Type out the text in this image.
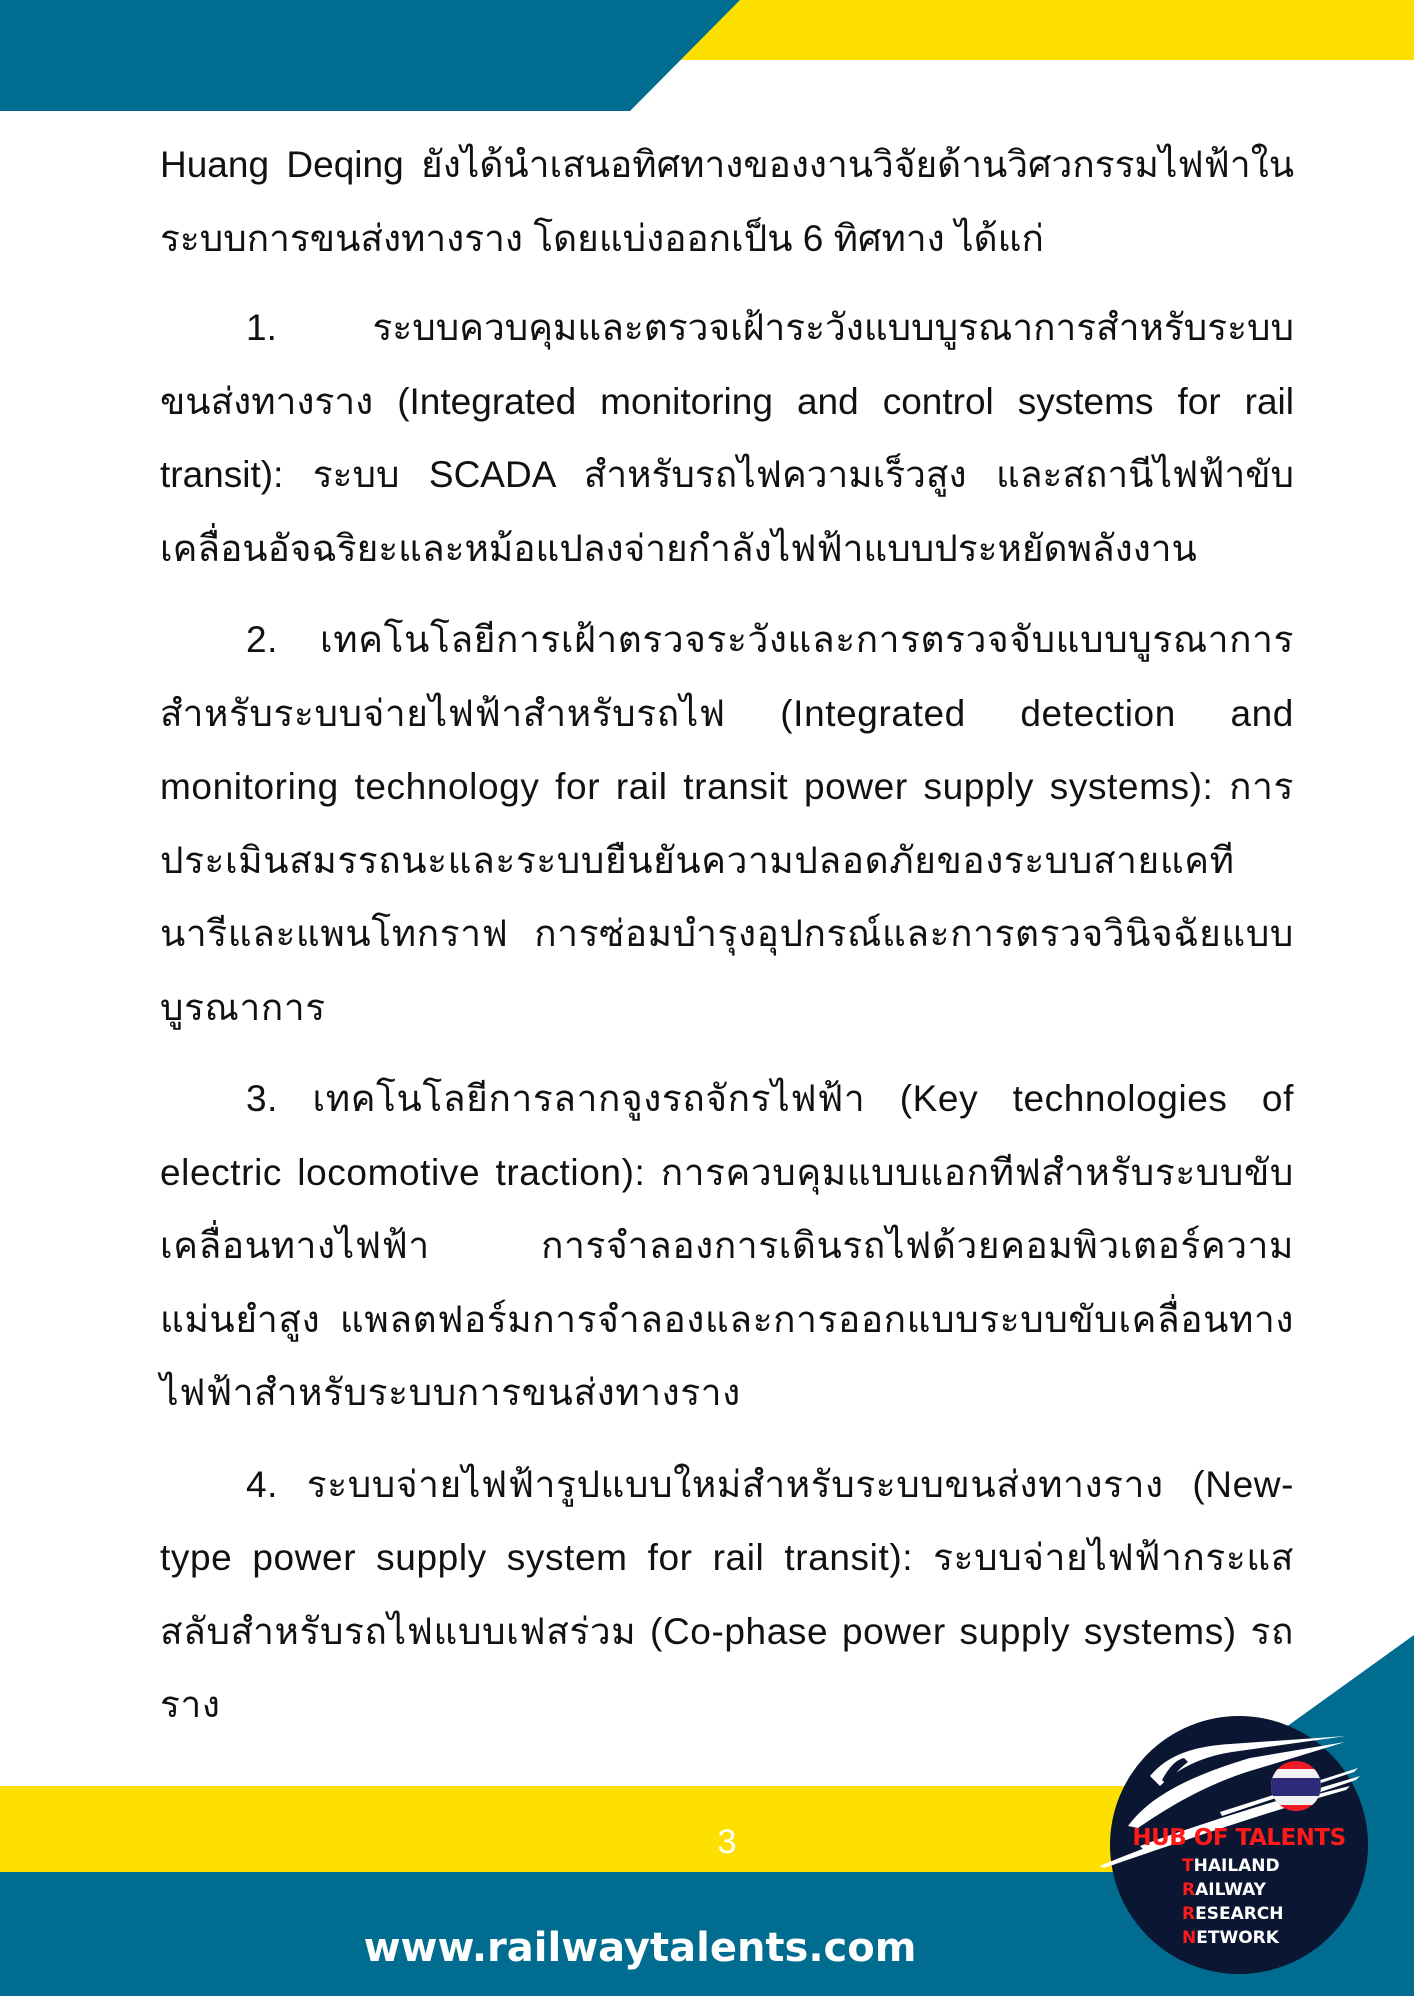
Huang Deqing ยังได้นำเสนอทิศทางของงานวิจัยด้านวิศวกรรมไฟฟ้าในระบบการขนส่งทางราง โดยแบ่งออกเป็น 6 ทิศทาง ได้แก่

1.	ระบบควบคุมและตรวจเฝ้าระวังแบบบูรณาการสำหรับระบบขนส่งทางราง (Integrated monitoring and control systems for rail transit): ระบบ SCADA สำหรับรถไฟความเร็วสูง และสถานีไฟฟ้าขับเคลื่อนอัจฉริยะและหม้อแปลงจ่ายกำลังไฟฟ้าแบบประหยัดพลังงาน

2. เทคโนโลยีการเฝ้าตรวจระวังและการตรวจจับแบบบูรณาการสำหรับระบบจ่ายไฟฟ้าสำหรับรถไฟ (Integrated detection and monitoring technology for rail transit power supply systems): การประเมินสมรรถนะและระบบยืนยันความปลอดภัยของระบบสายแคทีนารีและแพนโทกราฟ การซ่อมบำรุงอุปกรณ์และการตรวจวินิจฉัยแบบบูรณาการ

3. เทคโนโลยีการลากจูงรถจักรไฟฟ้า (Key technologies of electric locomotive traction): การควบคุมแบบแอกทีฟสำหรับระบบขับเคลื่อนทางไฟฟ้า การจำลองการเดินรถไฟด้วยคอมพิวเตอร์ความแม่นยำสูง แพลตฟอร์มการจำลองและการออกแบบระบบขับเคลื่อนทางไฟฟ้าสำหรับระบบการขนส่งทางราง

4. ระบบจ่ายไฟฟ้ารูปแบบใหม่สำหรับระบบขนส่งทางราง (New-type power supply system for rail transit): ระบบจ่ายไฟฟ้ากระแสสลับสำหรับรถไฟแบบเฟสร่วม (Co-phase power supply systems) รถราง

3
www.railwaytalents.com
HUB OF TALENTS
THAILAND
RAILWAY
RESEARCH
NETWORK
